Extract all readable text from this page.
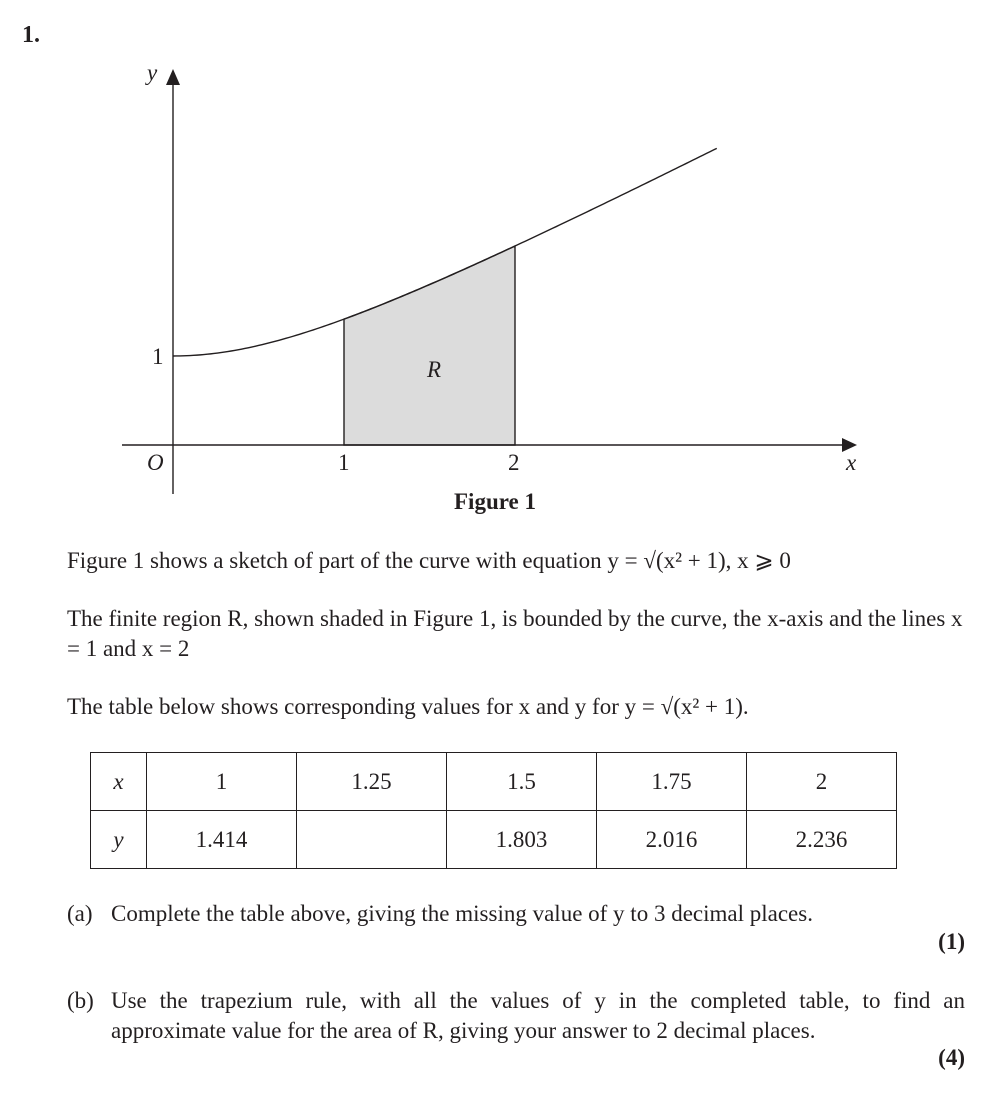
1.
y
x
O
1
1	2
R
Figure 1
Figure 1 shows a sketch of part of the curve with equation y = √(x² + 1), x ⩾ 0
The finite region R, shown shaded in Figure 1, is bounded by the curve, the x-axis and the lines x = 1 and x = 2
The table below shows corresponding values for x and y for y = √(x² + 1).
x	1	1.25	1.5	1.75	2
y	1.414		1.803	2.016	2.236
(a) Complete the table above, giving the missing value of y to 3 decimal places.
(1)
(b) Use the trapezium rule, with all the values of y in the completed table, to find an approximate value for the area of R, giving your answer to 2 decimal places.
(4)
